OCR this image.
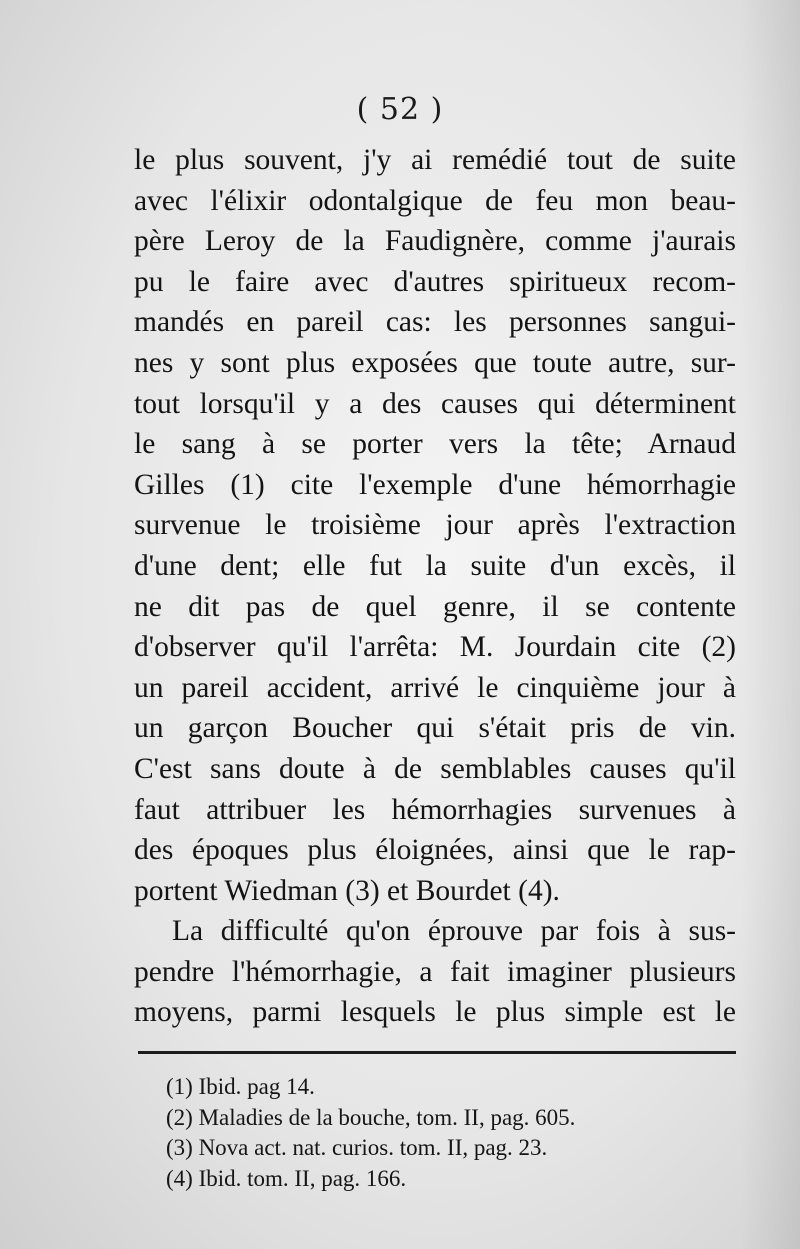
( 52 )
le plus souvent, j'y ai remédié tout de suite
avec l'élixir odontalgique de feu mon beau-
père Leroy de la Faudignère, comme j'aurais
pu le faire avec d'autres spiritueux recom-
mandés en pareil cas: les personnes sangui-
nes y sont plus exposées que toute autre, sur-
tout lorsqu'il y a des causes qui déterminent
le sang à se porter vers la tête; Arnaud
Gilles (1) cite l'exemple d'une hémorrhagie
survenue le troisième jour après l'extraction
d'une dent; elle fut la suite d'un excès, il
ne dit pas de quel genre, il se contente
d'observer qu'il l'arrêta: M. Jourdain cite (2)
un pareil accident, arrivé le cinquième jour à
un garçon Boucher qui s'était pris de vin.
C'est sans doute à de semblables causes qu'il
faut attribuer les hémorrhagies survenues à
des époques plus éloignées, ainsi que le rap-
portent Wiedman (3) et Bourdet (4).
La difficulté qu'on éprouve par fois à sus-
pendre l'hémorrhagie, a fait imaginer plusieurs
moyens, parmi lesquels le plus simple est le
(1) Ibid. pag 14.
(2) Maladies de la bouche, tom. II, pag. 605.
(3) Nova act. nat. curios. tom. II, pag. 23.
(4) Ibid. tom. II, pag. 166.
